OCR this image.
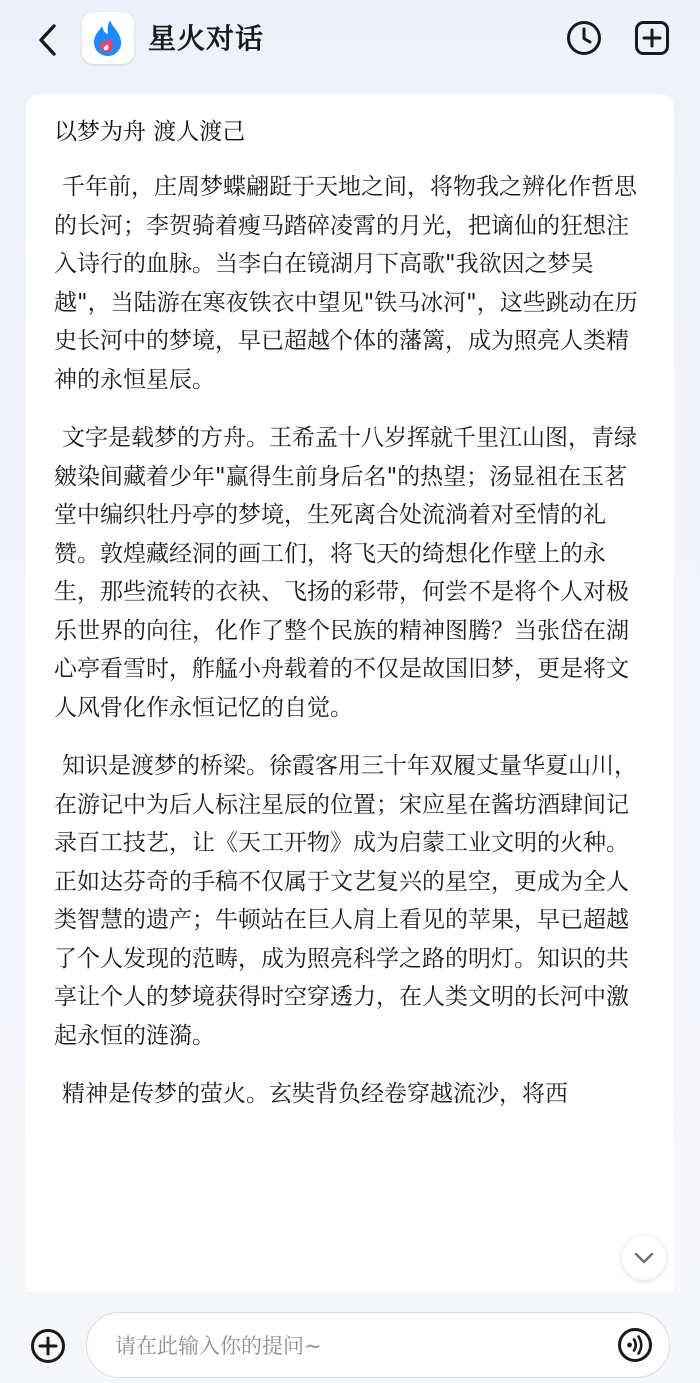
星火对话
以梦为舟 渡人渡己

千年前，庄周梦蝶翩跹于天地之间，将物我之辨化作哲思的长河；李贺骑着瘦马踏碎凌霄的月光，把谪仙的狂想注入诗行的血脉。当李白在镜湖月下高歌"我欲因之梦吴越"，当陆游在寒夜铁衣中望见"铁马冰河"，这些跳动在历史长河中的梦境，早已超越个体的藩篱，成为照亮人类精神的永恒星辰。

文字是载梦的方舟。王希孟十八岁挥就千里江山图，青绿皴染间藏着少年"赢得生前身后名"的热望；汤显祖在玉茗堂中编织牡丹亭的梦境，生死离合处流淌着对至情的礼赞。敦煌藏经洞的画工们，将飞天的绮想化作壁上的永生，那些流转的衣袂、飞扬的彩带，何尝不是将个人对极乐世界的向往，化作了整个民族的精神图腾？当张岱在湖心亭看雪时，舴艋小舟载着的不仅是故国旧梦，更是将文人风骨化作永恒记忆的自觉。

知识是渡梦的桥梁。徐霞客用三十年双履丈量华夏山川，在游记中为后人标注星辰的位置；宋应星在酱坊酒肆间记录百工技艺，让《天工开物》成为启蒙工业文明的火种。正如达芬奇的手稿不仅属于文艺复兴的星空，更成为全人类智慧的遗产；牛顿站在巨人肩上看见的苹果，早已超越了个人发现的范畴，成为照亮科学之路的明灯。知识的共享让个人的梦境获得时空穿透力，在人类文明的长河中激起永恒的涟漪。

精神是传梦的萤火。玄奘背负经卷穿越流沙，将西

请在此输入你的提问~
